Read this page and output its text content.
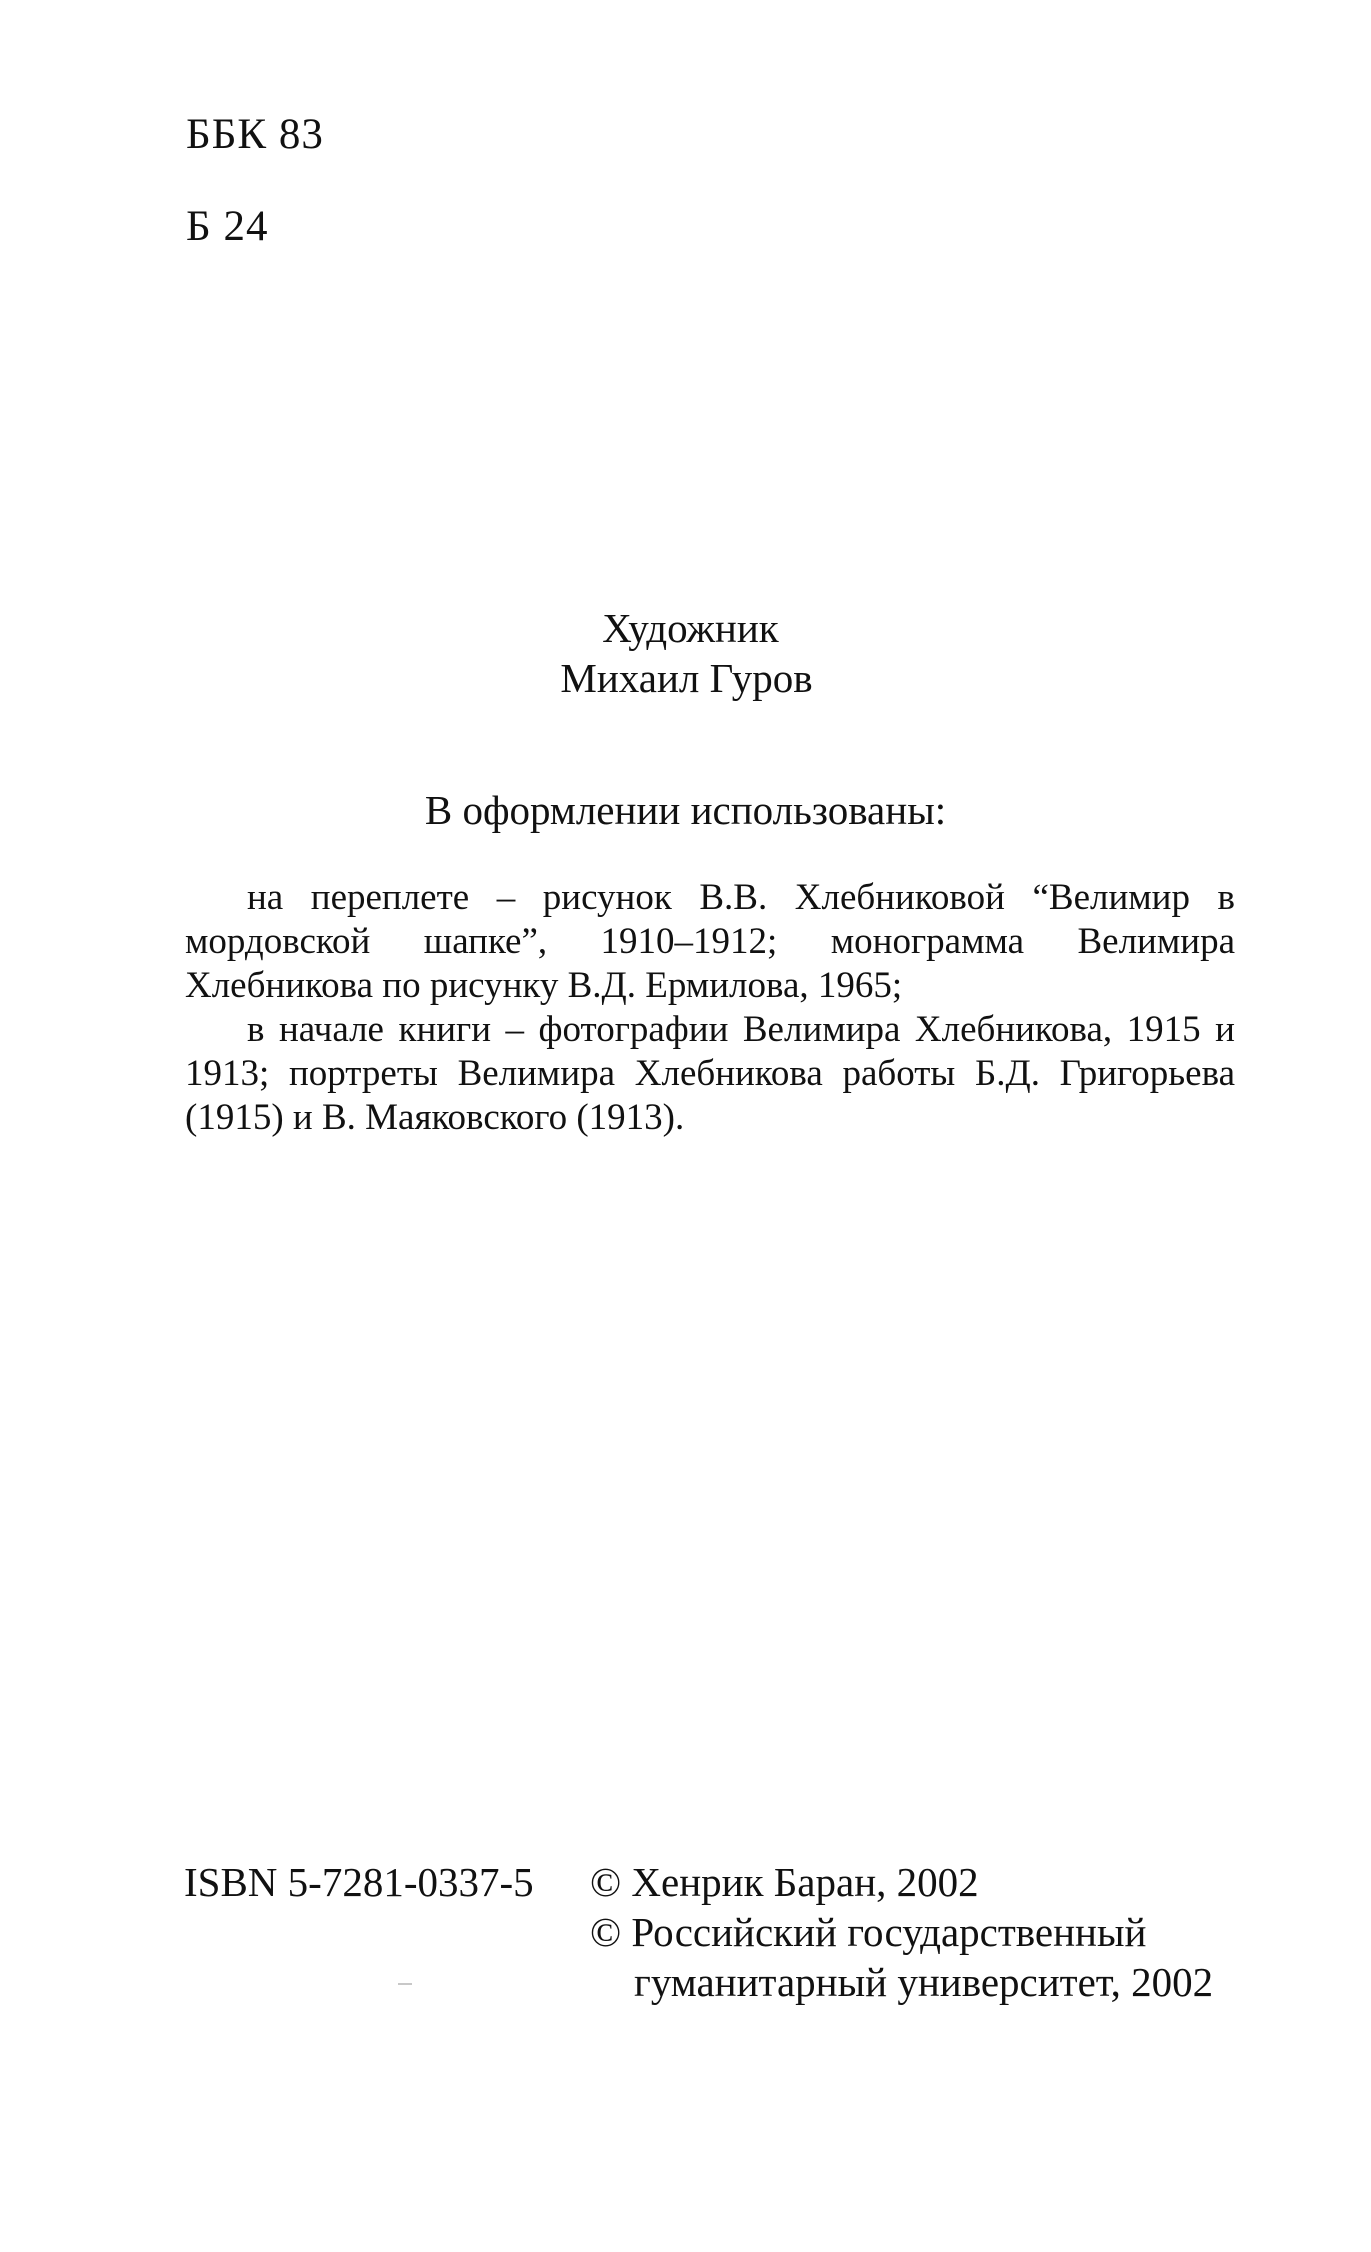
ББК 83
Б 24
Художник
Михаил Гуров
В оформлении использованы:

на переплете – рисунок В.В. Хлебниковой “Велимир в мордовской шапке”, 1910–1912; монограмма Велимира Хлебникова по рисунку В.Д. Ермилова, 1965;

в начале книги – фотографии Велимира Хлебникова, 1915 и 1913; портреты Велимира Хлебникова работы Б.Д. Григорьева (1915) и В. Маяковского (1913).

ISBN 5-7281-0337-5 © Хенрик Баран, 2002
© Российский государственный
гуманитарный университет, 2002
